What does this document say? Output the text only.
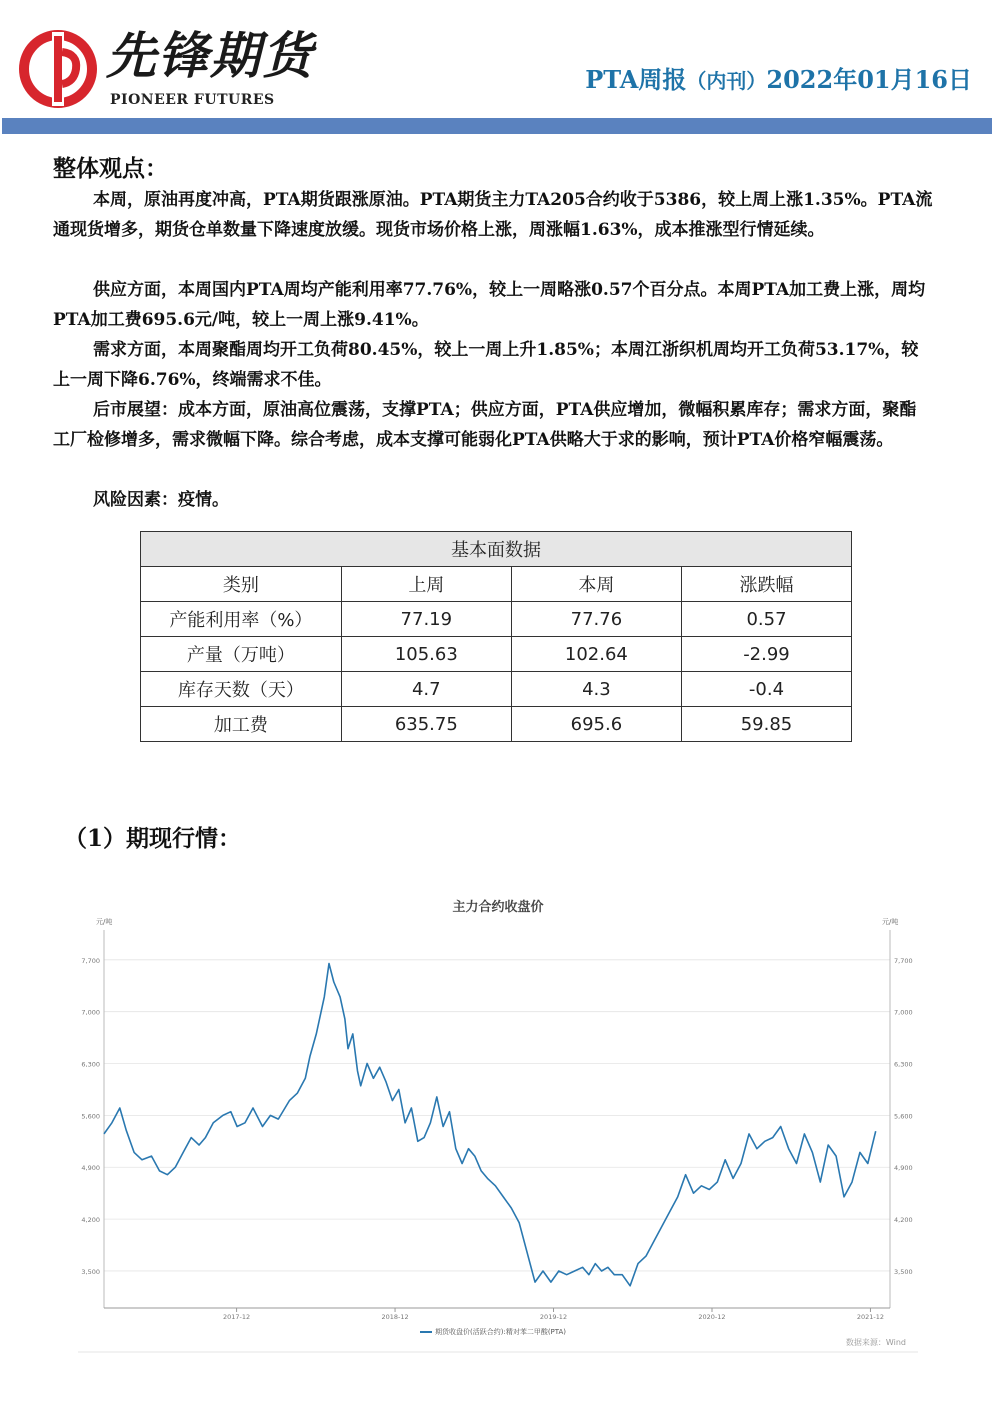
先锋期货
PIONEER FUTURES
PTA周报（内刊）2022年01月16日
整体观点：

本周，原油再度冲高，PTA期货跟涨原油。PTA期货主力TA205合约收于5386，较上周上涨1.35%。PTA流通现货增多，期货仓单数量下降速度放缓。现货市场价格上涨，周涨幅1.63%，成本推涨型行情延续。

供应方面，本周国内PTA周均产能利用率77.76%，较上一周略涨0.57个百分点。本周PTA加工费上涨，周均PTA加工费695.6元/吨，较上一周上涨9.41%。

需求方面，本周聚酯周均开工负荷80.45%，较上一周上升1.85%；本周江浙织机周均开工负荷53.17%，较上一周下降6.76%，终端需求不佳。

后市展望：成本方面，原油高位震荡，支撑PTA；供应方面，PTA供应增加，微幅积累库存；需求方面，聚酯工厂检修增多，需求微幅下降。综合考虑，成本支撑可能弱化PTA供略大于求的影响，预计PTA价格窄幅震荡。

风险因素：疫情。

基本面数据			
类别	上周	本周	涨跌幅
产能利用率（%）	77.19	77.76	0.57
产量（万吨）	105.63	102.64	-2.99
库存天数（天）	4.7	4.3	-0.4
加工费	635.75	695.6	59.85
（1）期现行情：
主力合约收盘价
元/吨	元/吨
3,500	3,500
4,200	4,200
4,900	4,900
5,600	5,600
6,300	6,300
7,000	7,000
7,700	7,700
2017-12	2018-12	2019-12	2020-12	2021-12
期货收盘价(活跃合约):精对苯二甲酸(PTA)
数据来源：Wind
